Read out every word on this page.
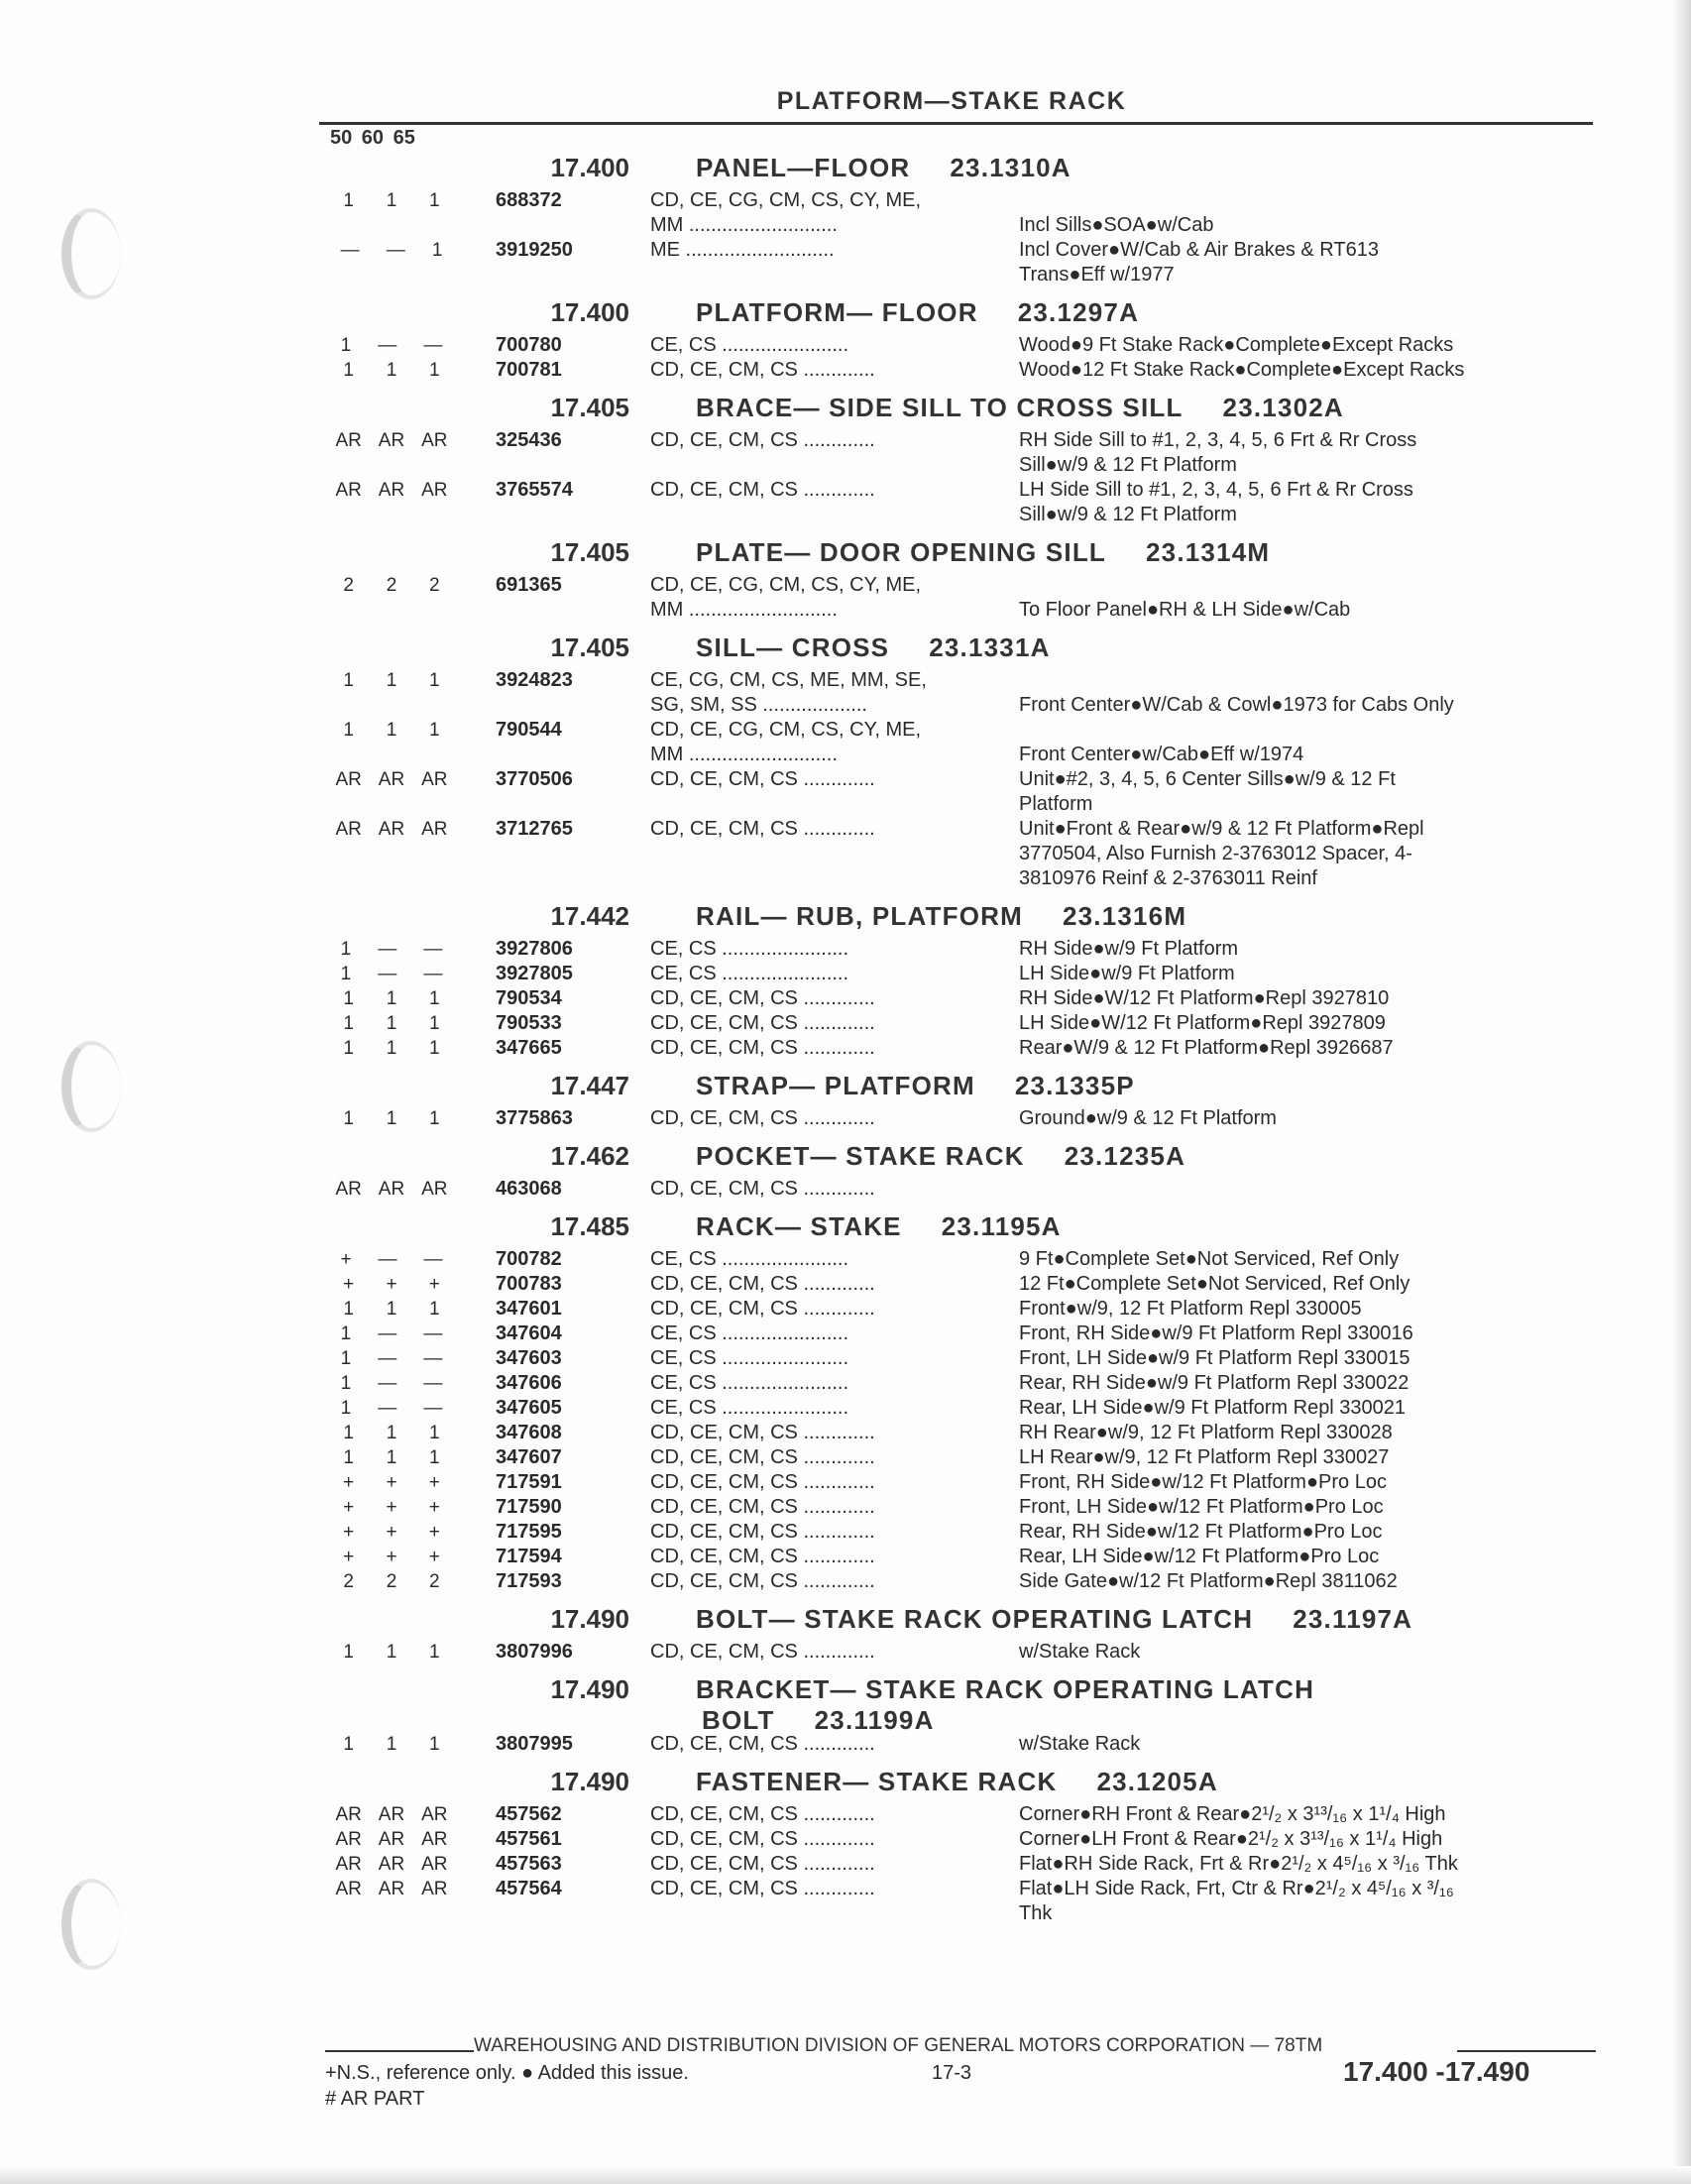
PLATFORM—STAKE RACK
50 60 65
17.400	PANEL—FLOOR 23.1310A
1 1 1	688372	CD, CE, CG, CM, CS, CY, ME,
MM ...........................	Incl Sills●SOA●w/Cab
— — 1	3919250	ME ...........................	Incl Cover●W/Cab & Air Brakes & RT613
Trans●Eff w/1977
17.400	PLATFORM— FLOOR 23.1297A
1 — —	700780	CE, CS .......................	Wood●9 Ft Stake Rack●Complete●Except Racks
1 1 1	700781	CD, CE, CM, CS .............	Wood●12 Ft Stake Rack●Complete●Except Racks
17.405	BRACE— SIDE SILL TO CROSS SILL 23.1302A
AR AR AR 325436	CD, CE, CM, CS .............	RH Side Sill to #1, 2, 3, 4, 5, 6 Frt & Rr Cross
Sill●w/9 & 12 Ft Platform
AR AR AR 3765574	CD, CE, CM, CS .............	LH Side Sill to #1, 2, 3, 4, 5, 6 Frt & Rr Cross
Sill●w/9 & 12 Ft Platform
17.405	PLATE— DOOR OPENING SILL 23.1314M
2 2 2	691365	CD, CE, CG, CM, CS, CY, ME,
MM ...........................	To Floor Panel●RH & LH Side●w/Cab
17.405	SILL— CROSS 23.1331A
1 1 1	3924823	CE, CG, CM, CS, ME, MM, SE,
SG, SM, SS ...................	Front Center●W/Cab & Cowl●1973 for Cabs Only
1 1 1	790544	CD, CE, CG, CM, CS, CY, ME,
MM ...........................	Front Center●w/Cab●Eff w/1974
AR AR AR 3770506	CD, CE, CM, CS .............	Unit●#2, 3, 4, 5, 6 Center Sills●w/9 & 12 Ft
Platform
AR AR AR 3712765	CD, CE, CM, CS .............	Unit●Front & Rear●w/9 & 12 Ft Platform●Repl
3770504, Also Furnish 2-3763012 Spacer, 4-
3810976 Reinf & 2-3763011 Reinf
17.442	RAIL— RUB, PLATFORM 23.1316M
1 — —	3927806	CE, CS .......................	RH Side●w/9 Ft Platform
1 — —	3927805	CE, CS .......................	LH Side●w/9 Ft Platform
1 1 1	790534	CD, CE, CM, CS .............	RH Side●W/12 Ft Platform●Repl 3927810
1 1 1	790533	CD, CE, CM, CS .............	LH Side●W/12 Ft Platform●Repl 3927809
1 1 1	347665	CD, CE, CM, CS .............	Rear●W/9 & 12 Ft Platform●Repl 3926687
17.447	STRAP— PLATFORM 23.1335P
1 1 1	3775863	CD, CE, CM, CS .............	Ground●w/9 & 12 Ft Platform
17.462	POCKET— STAKE RACK 23.1235A
AR AR AR 463068	CD, CE, CM, CS .............
17.485	RACK— STAKE 23.1195A
+ — —	700782	CE, CS .......................	9 Ft●Complete Set●Not Serviced, Ref Only
+ + +	700783	CD, CE, CM, CS .............	12 Ft●Complete Set●Not Serviced, Ref Only
1 1 1	347601	CD, CE, CM, CS .............	Front●w/9, 12 Ft Platform Repl 330005
1 — —	347604	CE, CS .......................	Front, RH Side●w/9 Ft Platform Repl 330016
1 — —	347603	CE, CS .......................	Front, LH Side●w/9 Ft Platform Repl 330015
1 — —	347606	CE, CS .......................	Rear, RH Side●w/9 Ft Platform Repl 330022
1 — —	347605	CE, CS .......................	Rear, LH Side●w/9 Ft Platform Repl 330021
1 1 1	347608	CD, CE, CM, CS .............	RH Rear●w/9, 12 Ft Platform Repl 330028
1 1 1	347607	CD, CE, CM, CS .............	LH Rear●w/9, 12 Ft Platform Repl 330027
+ + +	717591	CD, CE, CM, CS .............	Front, RH Side●w/12 Ft Platform●Pro Loc
+ + +	717590	CD, CE, CM, CS .............	Front, LH Side●w/12 Ft Platform●Pro Loc
+ + +	717595	CD, CE, CM, CS .............	Rear, RH Side●w/12 Ft Platform●Pro Loc
+ + +	717594	CD, CE, CM, CS .............	Rear, LH Side●w/12 Ft Platform●Pro Loc
2 2 2	717593	CD, CE, CM, CS .............	Side Gate●w/12 Ft Platform●Repl 3811062
17.490	BOLT— STAKE RACK OPERATING LATCH 23.1197A
1 1 1	3807996	CD, CE, CM, CS .............	w/Stake Rack
17.490	BRACKET— STAKE RACK OPERATING LATCH
BOLT 23.1199A
1 1 1	3807995	CD, CE, CM, CS .............	w/Stake Rack
17.490	FASTENER— STAKE RACK 23.1205A
AR AR AR 457562	CD, CE, CM, CS .............	Corner●RH Front & Rear●2¹/₂ x 3¹³/₁₆ x 1¹/₄ High
AR AR AR 457561	CD, CE, CM, CS .............	Corner●LH Front & Rear●2¹/₂ x 3¹³/₁₆ x 1¹/₄ High
AR AR AR 457563	CD, CE, CM, CS .............	Flat●RH Side Rack, Frt & Rr●2¹/₂ x 4⁵/₁₆ x ³/₁₆ Thk
AR AR AR 457564	CD, CE, CM, CS .............	Flat●LH Side Rack, Frt, Ctr & Rr●2¹/₂ x 4⁵/₁₆ x ³/₁₆
Thk
WAREHOUSING AND DISTRIBUTION DIVISION OF GENERAL MOTORS CORPORATION — 78TM
+N.S., reference only. ● Added this issue.	17-3	17.400 -17.490
# AR PART
